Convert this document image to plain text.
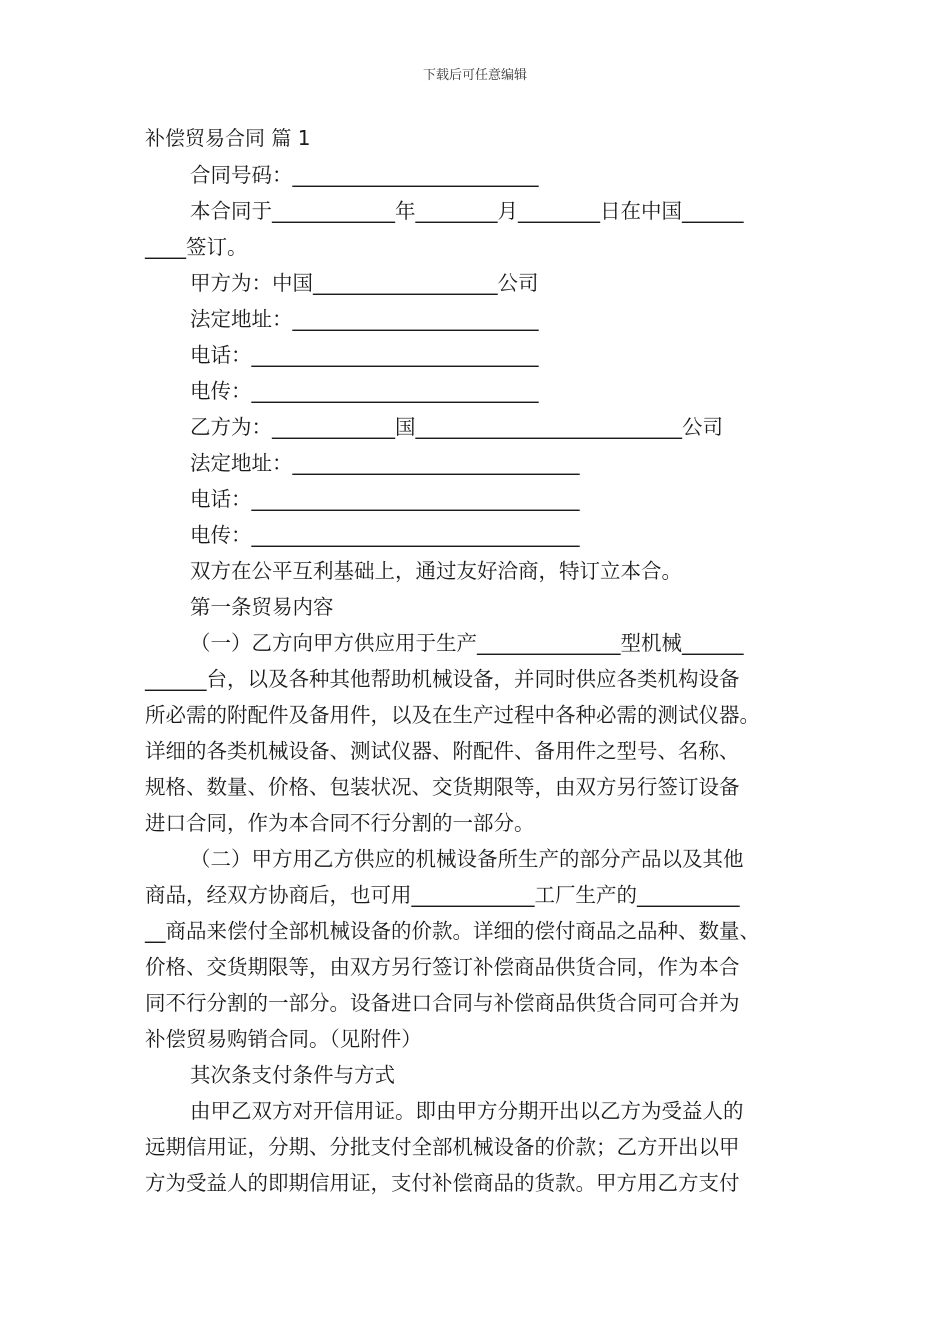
下载后可任意编辑
补偿贸易合同 篇 1
合同号码：________________________
本合同于____________年________月________日在中国______
____签订。
甲方为：中国__________________公司
法定地址：________________________
电话：____________________________
电传：____________________________
乙方为：____________国__________________________公司
法定地址：____________________________
电话：________________________________
电传：________________________________
双方在公平互利基础上，通过友好洽商，特订立本合。
第一条贸易内容
（一）乙方向甲方供应用于生产______________型机械______
______台，以及各种其他帮助机械设备，并同时供应各类机构设备
所必需的附配件及备用件，以及在生产过程中各种必需的测试仪器。
详细的各类机械设备、测试仪器、附配件、备用件之型号、名称、
规格、数量、价格、包装状况、交货期限等，由双方另行签订设备
进口合同，作为本合同不行分割的一部分。
（二）甲方用乙方供应的机械设备所生产的部分产品以及其他
商品，经双方协商后，也可用____________工厂生产的__________
__商品来偿付全部机械设备的价款。详细的偿付商品之品种、数量、
价格、交货期限等，由双方另行签订补偿商品供货合同，作为本合
同不行分割的一部分。设备进口合同与补偿商品供货合同可合并为
补偿贸易购销合同。（见附件）
其次条支付条件与方式
由甲乙双方对开信用证。即由甲方分期开出以乙方为受益人的
远期信用证，分期、分批支付全部机械设备的价款；乙方开出以甲
方为受益人的即期信用证，支付补偿商品的货款。甲方用乙方支付
